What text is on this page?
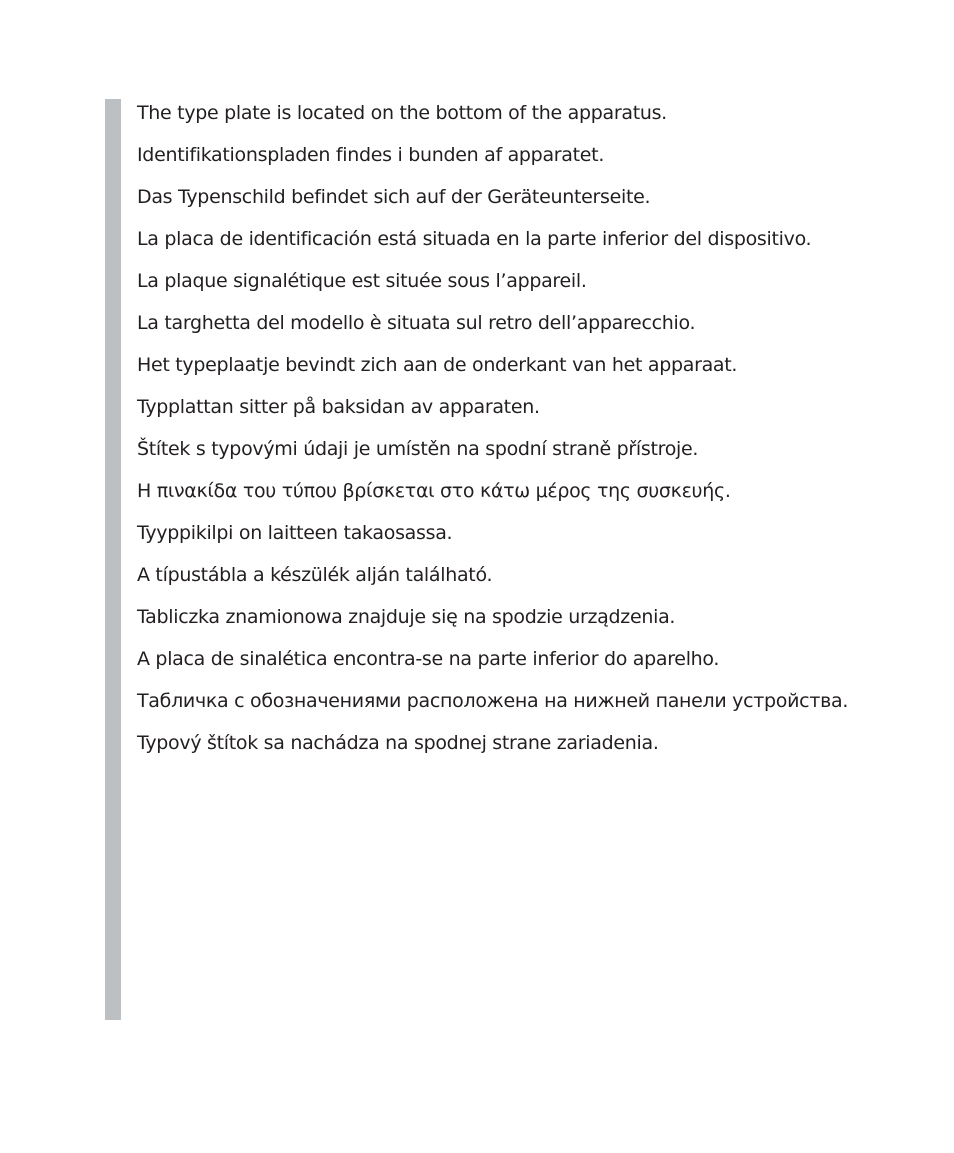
The type plate is located on the bottom of the apparatus.
Identifikationspladen findes i bunden af apparatet.
Das Typenschild befindet sich auf der Geräteunterseite.
La placa de identificación está situada en la parte inferior del dispositivo.
La plaque signalétique est située sous l’appareil.
La targhetta del modello è situata sul retro dell’apparecchio.
Het typeplaatje bevindt zich aan de onderkant van het apparaat.
Typplattan sitter på baksidan av apparaten.
Štítek s typovými údaji je umístěn na spodní straně přístroje.
Η πινακίδα του τύπου βρίσκεται στο κάτω μέρος της συσκευής.
Tyyppikilpi on laitteen takaosassa.
A típustábla a készülék alján található.
Tabliczka znamionowa znajduje się na spodzie urządzenia.
A placa de sinalética encontra-se na parte inferior do aparelho.
Табличка с обозначениями расположена на нижней панели устройства.
Typový štítok sa nachádza na spodnej strane zariadenia.
